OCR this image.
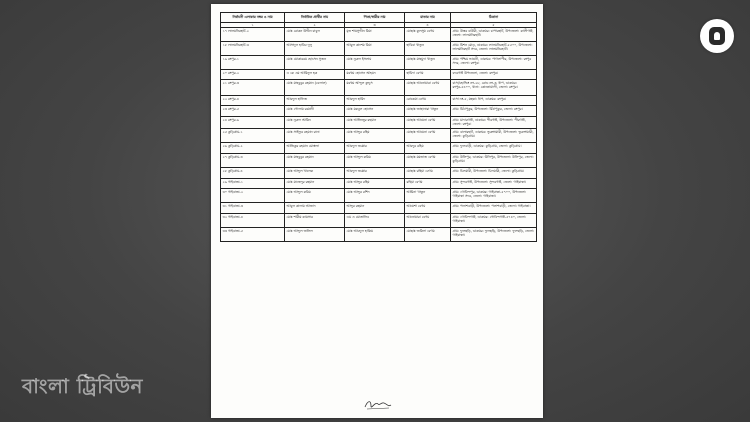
নির্বাচনী এলাকার নম্বর ও নাম	নির্বাচিত প্রার্থীর নাম	পিতা/স্বামীর নাম	মাতার নাম	ঠিকানা
১	২	৩	৪	৫
১৭ লালমনিরহাট-২	মোঃ রোকন উদ্দীন বাবুল	মৃত শামসুদ্দীন মিয়া	মোছাঃ কুলসুম বেগম	গ্রাম: উত্তর বাউরী, ডাকঘর: চাপারহাট, উপজেলা: কালীগঞ্জ, জেলা: লালমনিরহাট।
১৮ লালমনিরহাট-৩	আসাদুল হাবিব দুলু	আবুল কাশেম মিয়া	হাবিবা খাতুন	গ্রাম: মিশন মোড়, ডাকঘর: লালমনিরহাট-৫৫০০, উপজেলা: লালমনিরহাট সদর, জেলা: লালমনিরহাট।
১৯ রংপুর-১	মোঃ মোকাররম হোসেন সুজন	মোঃ নুরুল ইসলাম	মোছাঃ মাহমুদা খাতুন	গ্রাম: পশ্চিম ভাঙনী, ডাকঘর: পাগলাপীর, উপজেলা: রংপুর সদর, জেলা: রংপুর।
২০ রংপুর-২	এ কে এম আমিনুল হক	মরহুম হোসেন আহমদ	হামিদা বেগম	বদরগঞ্জ উপজেলা, জেলা: রংপুর।
২১ রংপুর-৩	মোঃ মাহবুবুর রহমান (বেলাল)	মরহুম আব্দুল কুদ্দুস	মোছাঃ আনোয়ারা বেগম	বাসা/হোল্ডিং নং-২৮, রোড নং-৩, ধাপ, ডাকঘর: রংপুর-৫৪০০, থানা: কোতোয়ালী, জেলা: রংপুর।
২২ রংপুর-৪	আবদুল হাফিজ	আবদুল হামিদ	রোকেয়া বেগম	বাসা নং-৫, মহল্লা: ধাপ, ডাকঘর: রংপুর।
২৩ রংপুর-৫	মোঃ গোলাম রব্বানী	মোঃ মকবুল হোসেন	মোছাঃ জাহানারা খাতুন	গ্রাম: মিঠাপুকুর, উপজেলা: মিঠাপুকুর, জেলা: রংপুর।
২৪ রংপুর-৬	মোঃ নূরুল আমিন	মোঃ আজিজুর রহমান	মোছাঃ আমেনা বেগম	গ্রাম: মাদারগঞ্জ, ডাকঘর: পীরগঞ্জ, উপজেলা: পীরগঞ্জ, জেলা: রংপুর।
২৫ কুড়িগ্রাম-১	মোঃ সাইফুর রহমান রানা	মোঃ আব্দুর রহিম	মোছাঃ আমেনা বেগম	গ্রাম: বালারহাট, ডাকঘর: ভুরুঙ্গামারী, উপজেলা: ভুরুঙ্গামারী, জেলা: কুড়িগ্রাম।
২৬ কুড়িগ্রাম-২	আতিকুর রহমান মোস্তফা	আবদুল জব্বার	আবদুর রহিম	গ্রাম: ফুলবাড়ী, ডাকঘর: কুড়িগ্রাম, জেলা: কুড়িগ্রাম।
২৭ কুড়িগ্রাম-৩	মোঃ মাহবুবুর রহমান	মোঃ আব্দুল করিম	মোছাঃ মমতাজ বেগম	গ্রাম: উলিপুর, ডাকঘর: উলিপুর, উপজেলা: উলিপুর, জেলা: কুড়িগ্রাম।
২৮ কুড়িগ্রাম-৪	মোঃ আব্দুল খালেক	আবদুল জব্বার	মোছাঃ রহিমা বেগম	গ্রাম: চিলমারী, উপজেলা: চিলমারী, জেলা: কুড়িগ্রাম।
২৯ গাইবান্ধা-১	মোঃ মাজেদুর রহমান	মোঃ আব্দুর রহিম	রহিমা বেগম	গ্রাম: সুন্দরগঞ্জ, উপজেলা: সুন্দরগঞ্জ, জেলা: গাইবান্ধা।
৩০ গাইবান্ধা-২	মোঃ আব্দুল করিম	মোঃ আব্দুর রশিদ	আমিনা খাতুন	গ্রাম: গোবিন্দপুর, ডাকঘর: গাইবান্ধা-৫৭০০, উপজেলা: গাইবান্ধা সদর, জেলা: গাইবান্ধা।
৩১ গাইবান্ধা-৩	আবুল কালাম আজাদ	আব্দুর রহমান	আয়েশা বেগম	গ্রাম: পলাশবাড়ী, উপজেলা: পলাশবাড়ী, জেলা: গাইবান্ধা।
৩২ গাইবান্ধা-৪	মোঃ শামীম কায়সার	এম এ মোতালিব	আনোয়ারা বেগম	গ্রাম: গোবিন্দগঞ্জ, ডাকঘর: গোবিন্দগঞ্জ-৫৭৪০, জেলা: গাইবান্ধা।
৩৩ গাইবান্ধা-৫	মোঃ আব্দুল জলিল	মোঃ আবদুল হাকিম	মোছাঃ জমিলা বেগম	গ্রাম: ফুলছড়ি, ডাকঘর: ফুলছড়ি, উপজেলা: ফুলছড়ি, জেলা: গাইবান্ধা।
বাংলা ট্রিবিউন
